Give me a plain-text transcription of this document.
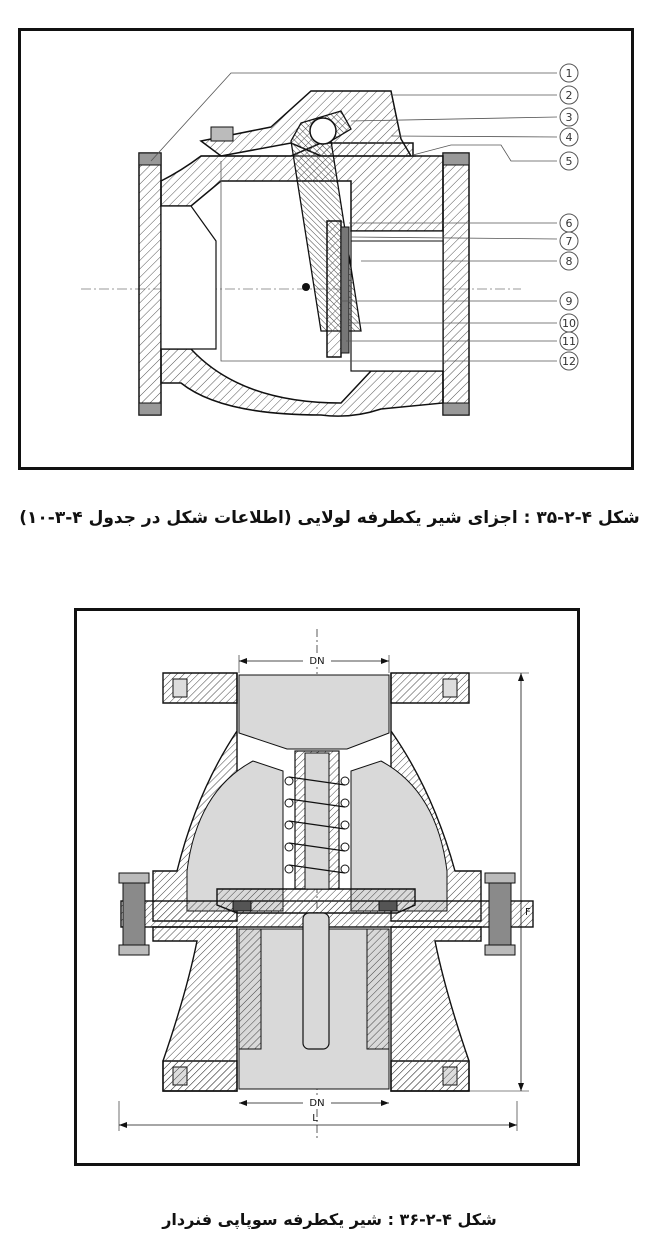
1
2
3
4
5
6
7
8
9
10
11
12
شکل ۴-۲-۳۵ : اجزای شیر یکطرفه لولایی (اطلاعات شکل در جدول ۴-۳-۱۰)
DN
DN
F
L
شکل ۴-۲-۳۶ : شیر یکطرفه سوپاپی فنردار
